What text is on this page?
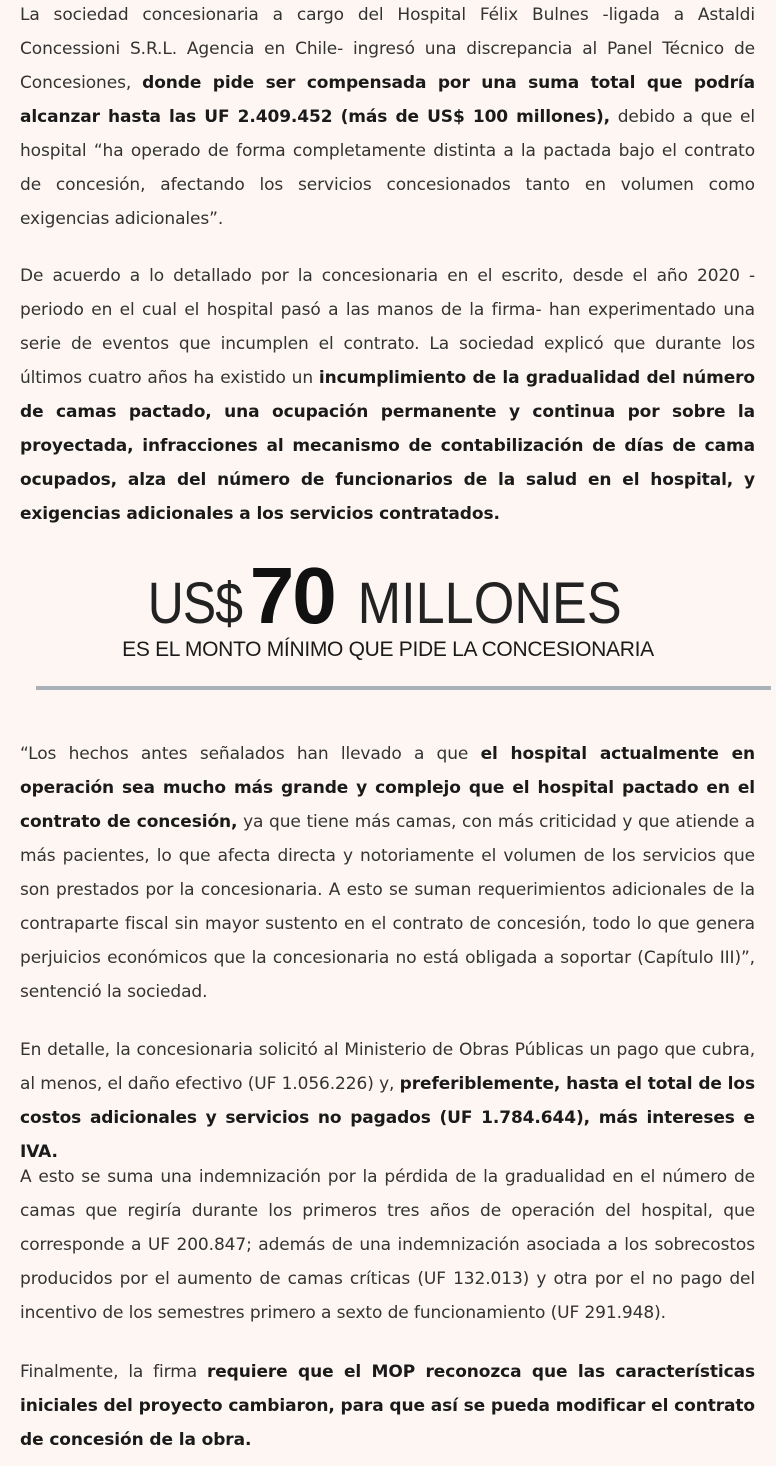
La sociedad concesionaria a cargo del Hospital Félix Bulnes -ligada a Astaldi Concessioni S.R.L. Agencia en Chile- ingresó una discrepancia al Panel Técnico de Concesiones, donde pide ser compensada por una suma total que podría alcanzar hasta las UF 2.409.452 (más de US$ 100 millones), debido a que el hospital “ha operado de forma completamente distinta a la pactada bajo el contrato de concesión, afectando los servicios concesionados tanto en volumen como exigencias adicionales”.

De acuerdo a lo detallado por la concesionaria en el escrito, desde el año 2020 -periodo en el cual el hospital pasó a las manos de la firma- han experimentado una serie de eventos que incumplen el contrato. La sociedad explicó que durante los últimos cuatro años ha existido un incumplimiento de la gradualidad del número de camas pactado, una ocupación permanente y continua por sobre la proyectada, infracciones al mecanismo de contabilización de días de cama ocupados, alza del número de funcionarios de la salud en el hospital, y exigencias adicionales a los servicios contratados.

US$70 MILLONES
ES EL MONTO MÍNIMO QUE PIDE LA CONCESIONARIA

“Los hechos antes señalados han llevado a que el hospital actualmente en operación sea mucho más grande y complejo que el hospital pactado en el contrato de concesión, ya que tiene más camas, con más criticidad y que atiende a más pacientes, lo que afecta directa y notoriamente el volumen de los servicios que son prestados por la concesionaria. A esto se suman requerimientos adicionales de la contraparte fiscal sin mayor sustento en el contrato de concesión, todo lo que genera perjuicios económicos que la concesionaria no está obligada a soportar (Capítulo III)”, sentenció la sociedad.

En detalle, la concesionaria solicitó al Ministerio de Obras Públicas un pago que cubra, al menos, el daño efectivo (UF 1.056.226) y, preferiblemente, hasta el total de los costos adicionales y servicios no pagados (UF 1.784.644), más intereses e IVA.

A esto se suma una indemnización por la pérdida de la gradualidad en el número de camas que regiría durante los primeros tres años de operación del hospital, que corresponde a UF 200.847; además de una indemnización asociada a los sobrecostos producidos por el aumento de camas críticas (UF 132.013) y otra por el no pago del incentivo de los semestres primero a sexto de funcionamiento (UF 291.948).

Finalmente, la firma requiere que el MOP reconozca que las características iniciales del proyecto cambiaron, para que así se pueda modificar el contrato de concesión de la obra.
